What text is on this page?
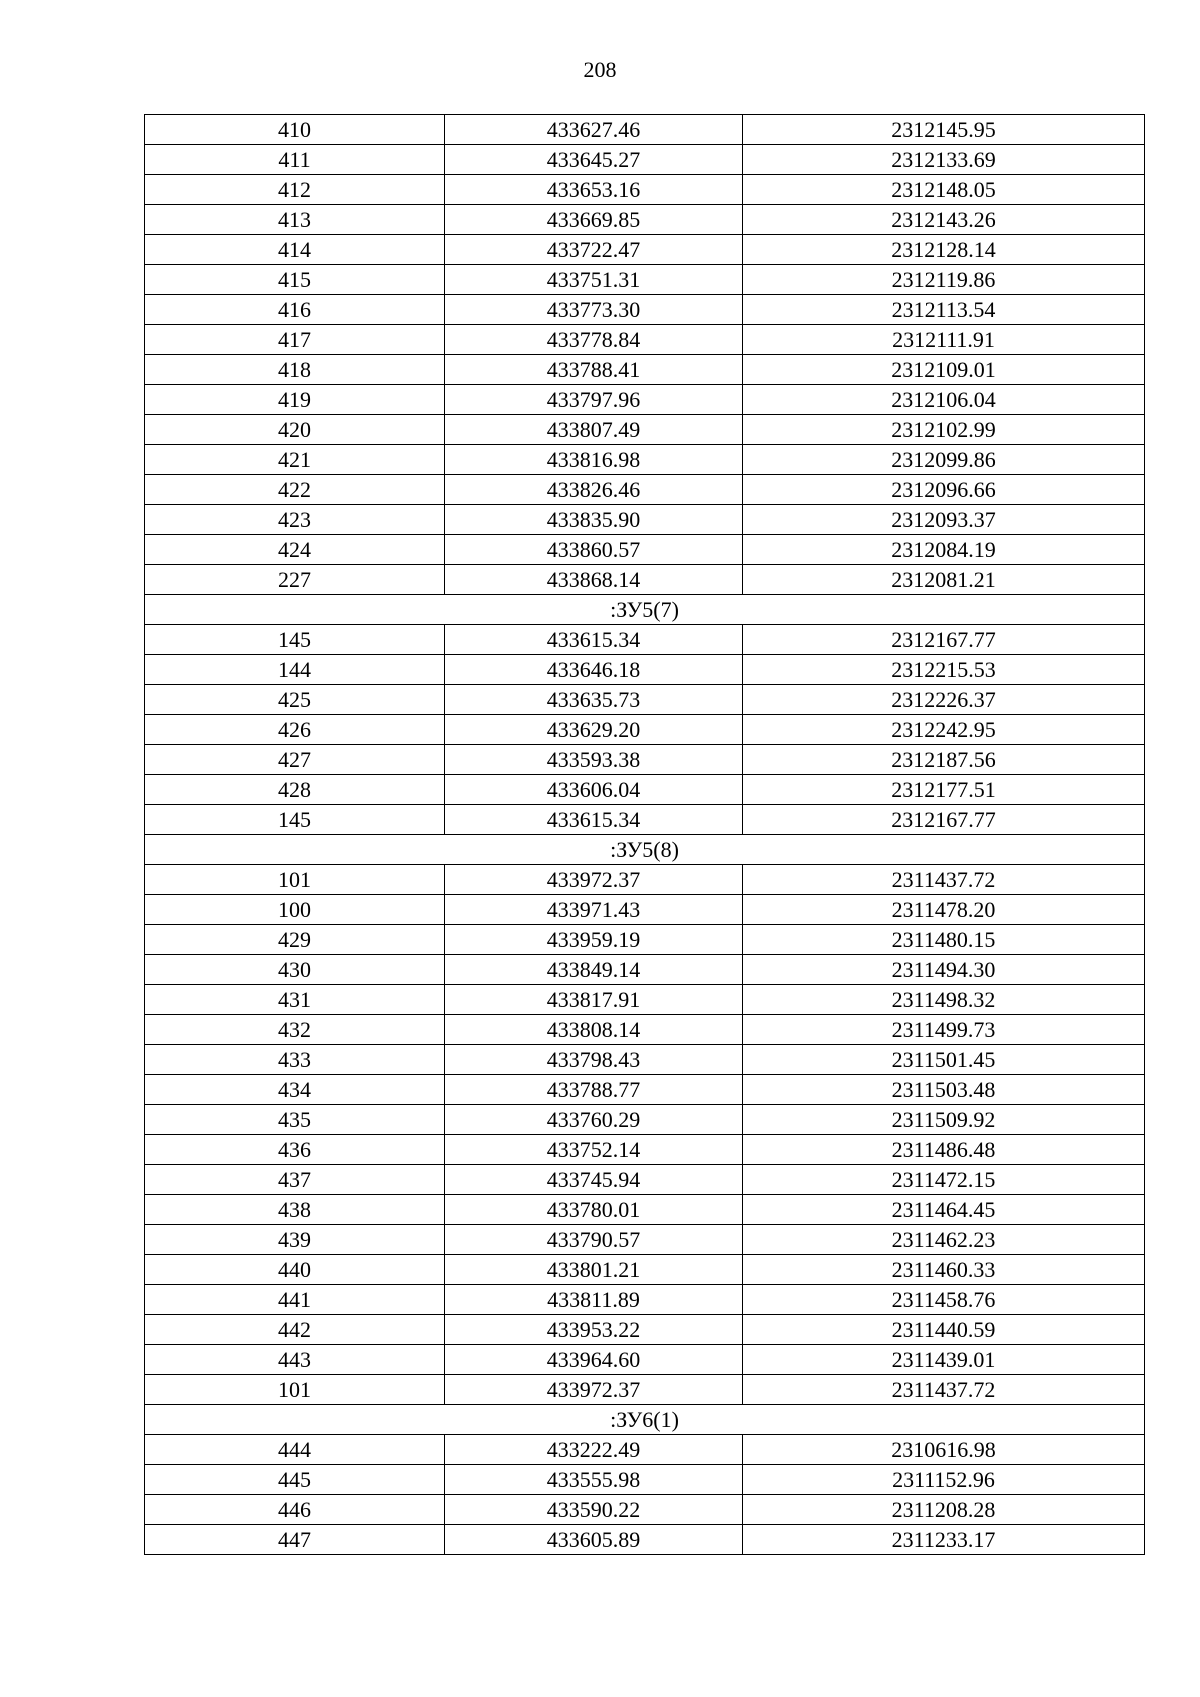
208
410	433627.46	2312145.95
411	433645.27	2312133.69
412	433653.16	2312148.05
413	433669.85	2312143.26
414	433722.47	2312128.14
415	433751.31	2312119.86
416	433773.30	2312113.54
417	433778.84	2312111.91
418	433788.41	2312109.01
419	433797.96	2312106.04
420	433807.49	2312102.99
421	433816.98	2312099.86
422	433826.46	2312096.66
423	433835.90	2312093.37
424	433860.57	2312084.19
227	433868.14	2312081.21
:ЗУ5(7)		
145	433615.34	2312167.77
144	433646.18	2312215.53
425	433635.73	2312226.37
426	433629.20	2312242.95
427	433593.38	2312187.56
428	433606.04	2312177.51
145	433615.34	2312167.77
:ЗУ5(8)		
101	433972.37	2311437.72
100	433971.43	2311478.20
429	433959.19	2311480.15
430	433849.14	2311494.30
431	433817.91	2311498.32
432	433808.14	2311499.73
433	433798.43	2311501.45
434	433788.77	2311503.48
435	433760.29	2311509.92
436	433752.14	2311486.48
437	433745.94	2311472.15
438	433780.01	2311464.45
439	433790.57	2311462.23
440	433801.21	2311460.33
441	433811.89	2311458.76
442	433953.22	2311440.59
443	433964.60	2311439.01
101	433972.37	2311437.72
:ЗУ6(1)		
444	433222.49	2310616.98
445	433555.98	2311152.96
446	433590.22	2311208.28
447	433605.89	2311233.17
